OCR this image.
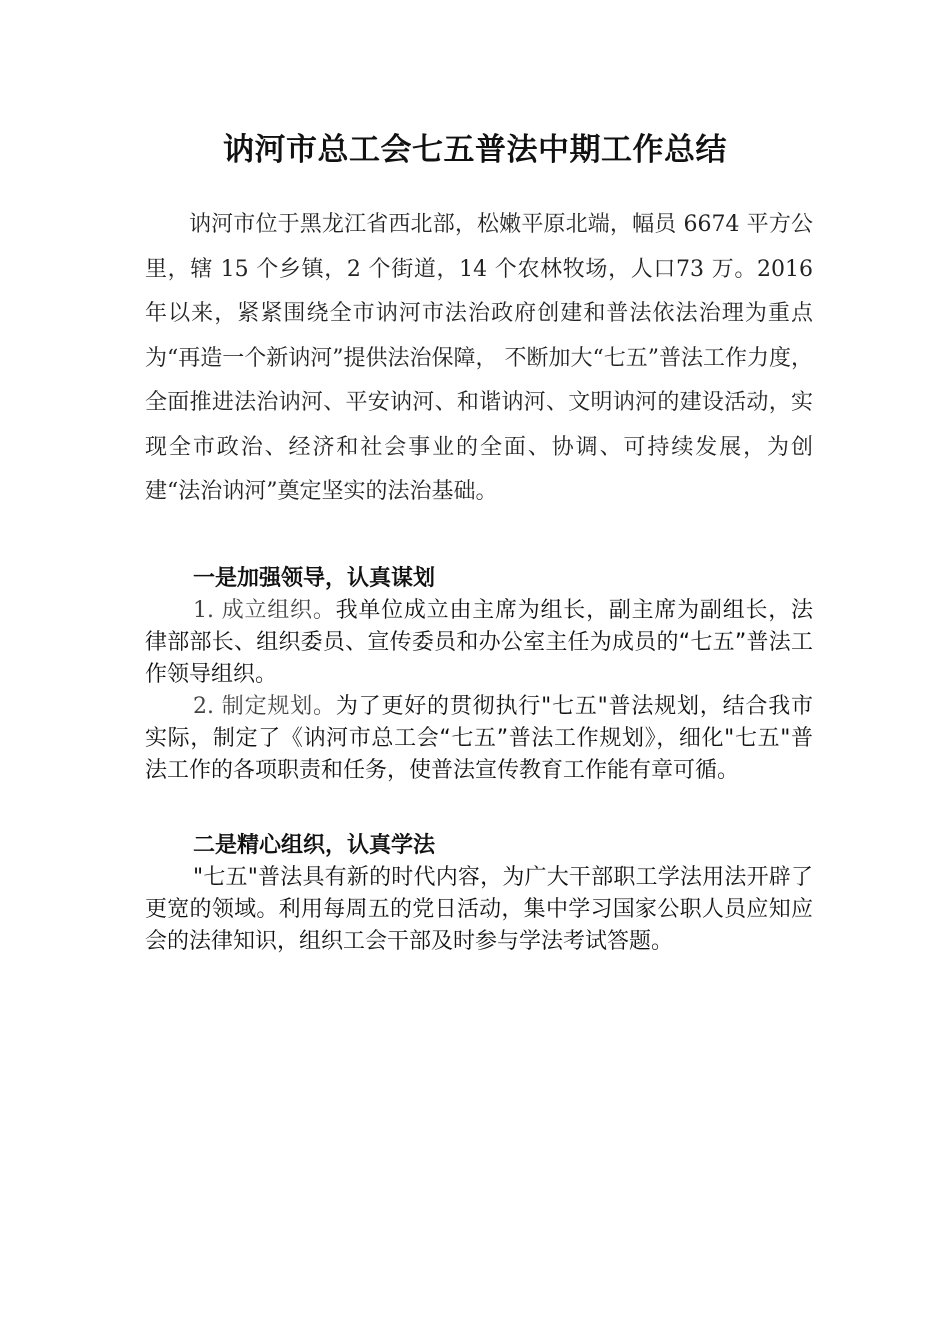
讷河市总工会七五普法中期工作总结

讷河市位于黑龙江省西北部，松嫩平原北端，幅员 6674 平方公里，辖 15 个乡镇，2 个街道，14 个农林牧场，人口73 万。2016 年以来，紧紧围绕全市讷河市法治政府创建和普法依法治理为重点为“再造一个新讷河”提供法治保障， 不断加大“七五”普法工作力度，全面推进法治讷河、平安讷河、和谐讷河、文明讷河的建设活动，实现全市政治、经济和社会事业的全面、协调、可持续发展，为创建“法治讷河”奠定坚实的法治基础。

一是加强领导，认真谋划

1. 成立组织。我单位成立由主席为组长，副主席为副组长，法律部部长、组织委员、宣传委员和办公室主任为成员的“七五”普法工作领导组织。

2. 制定规划。为了更好的贯彻执行"七五"普法规划，结合我市实际，制定了《讷河市总工会“七五”普法工作规划》，细化"七五"普法工作的各项职责和任务，使普法宣传教育工作能有章可循。

二是精心组织，认真学法

"七五"普法具有新的时代内容，为广大干部职工学法用法开辟了更宽的领域。利用每周五的党日活动，集中学习国家公职人员应知应会的法律知识，组织工会干部及时参与学法考试答题。
